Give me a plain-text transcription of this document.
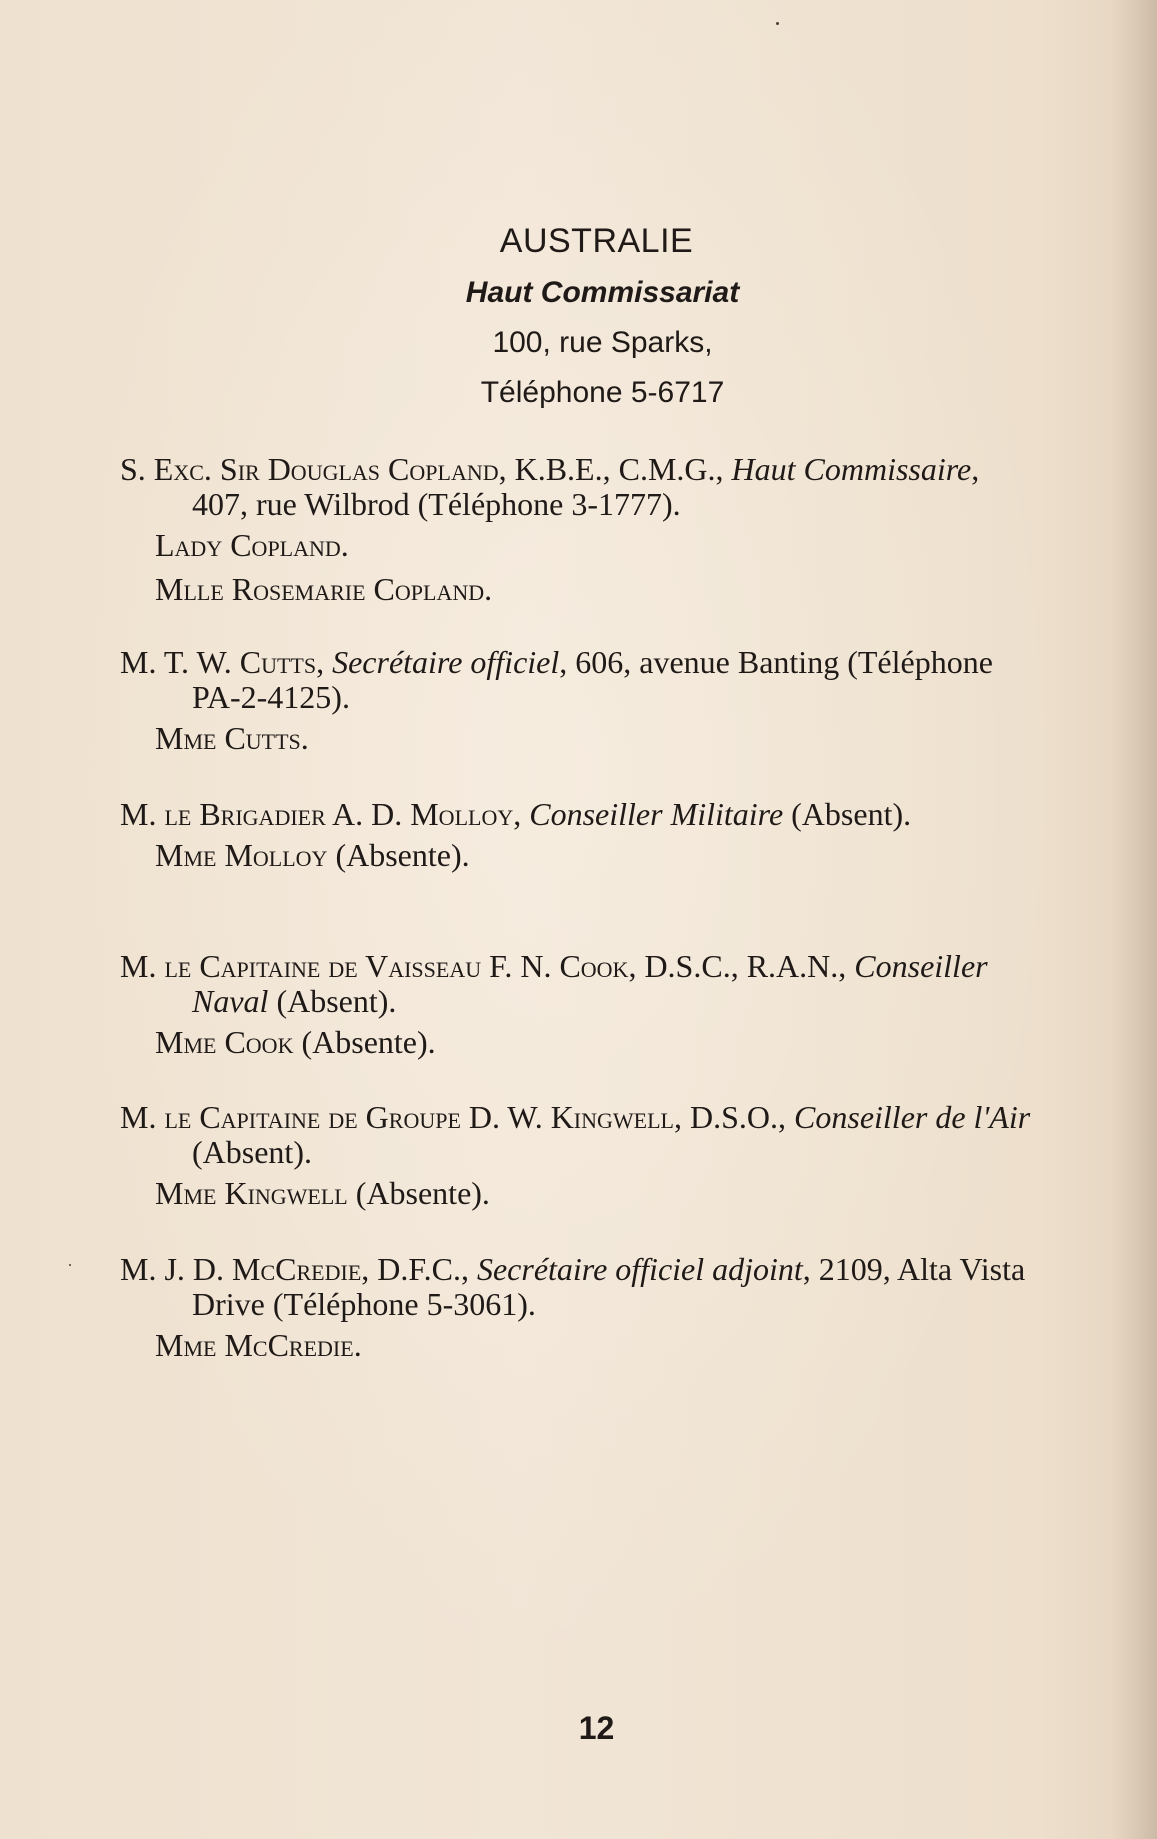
AUSTRALIE
Haut Commissariat
100, rue Sparks,
Téléphone 5-6717
S. Exc. Sir Douglas Copland, K.B.E., C.M.G., Haut Commissaire, 407, rue Wilbrod (Téléphone 3-1777).
Lady Copland.
Mlle Rosemarie Copland.
M. T. W. Cutts, Secrétaire officiel, 606, avenue Banting (Téléphone PA-2-4125).
Mme Cutts.
M. le Brigadier A. D. Molloy, Conseiller Militaire (Absent).
Mme Molloy (Absente).
M. le Capitaine de Vaisseau F. N. Cook, D.S.C., R.A.N., Conseiller Naval (Absent).
Mme Cook (Absente).
M. le Capitaine de Groupe D. W. Kingwell, D.S.O., Conseiller de l'Air (Absent).
Mme Kingwell (Absente).
M. J. D. McCredie, D.F.C., Secrétaire officiel adjoint, 2109, Alta Vista Drive (Téléphone 5-3061).
Mme McCredie.
12
